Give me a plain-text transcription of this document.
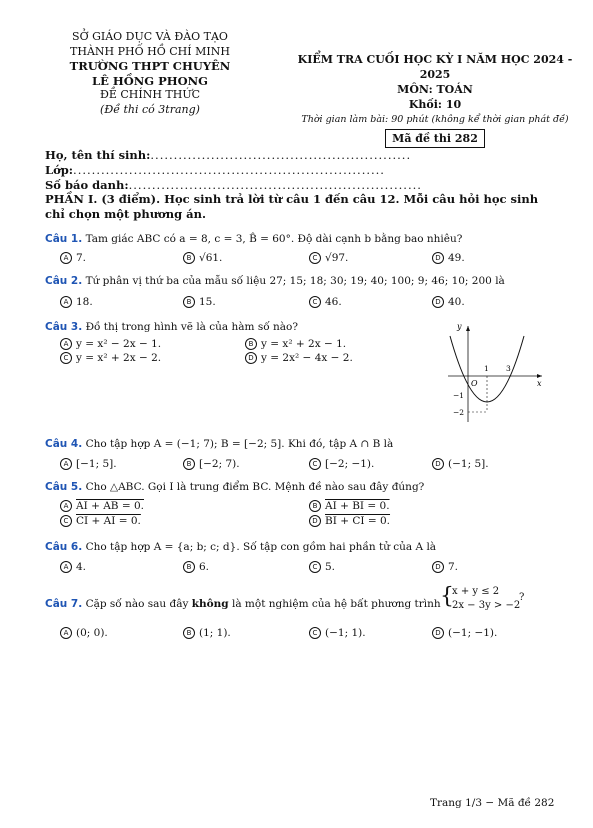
SỞ GIÁO DỤC VÀ ĐÀO TẠO
THÀNH PHỐ HỒ CHÍ MINH
TRƯỜNG THPT CHUYÊN
LÊ HỒNG PHONG
ĐỀ CHÍNH THỨC
(Đề thi có 3trang)
KIỂM TRA CUỐI HỌC KỲ I NĂM HỌC 2024 - 2025
MÔN: TOÁN
Khối: 10
Thời gian làm bài: 90 phút (không kể thời gian phát đề)
Mã đề thi 282
Họ, tên thí sinh:........................................................
Lớp:...................................................................
Số báo danh:...............................................................
PHẦN I. (3 điểm). Học sinh trả lời từ câu 1 đến câu 12. Mỗi câu hỏi học sinh chỉ chọn một phương án.
Câu 1. Tam giác ABC có a = 8, c = 3, B̂ = 60°. Độ dài cạnh b bằng bao nhiêu?
A 7.	B √61.	C √97.	D 49.
Câu 2. Tứ phân vị thứ ba của mẫu số liệu 27; 15; 18; 30; 19; 40; 100; 9; 46; 10; 200 là
A 18.	B 15.	C 46.	D 40.
Câu 3. Đồ thị trong hình vẽ là của hàm số nào?
A y = x² − 2x − 1.	B y = x² + 2x − 1.
C y = x² + 2x − 2.	D y = 2x² − 4x − 2.
y
x
O
1
−1
−2
3
Câu 4. Cho tập hợp A = (−1; 7); B = [−2; 5]. Khi đó, tập A ∩ B là
A [−1; 5].	B [−2; 7).	C [−2; −1).	D (−1; 5].
Câu 5. Cho △ABC. Gọi I là trung điểm BC. Mệnh đề nào sau đây đúng?
A AI + AB = 0.	B AI + BI = 0.
C CI + AI = 0.	D BI + CI = 0.
Câu 6. Cho tập hợp A = {a; b; c; d}. Số tập con gồm hai phần tử của A là
A 4.	B 6.	C 5.	D 7.
Câu 7. Cặp số nào sau đây không là một nghiệm của hệ bất phương trình {
x + y ≤ 2
2x − 3y > −2
?
A (0; 0).	B (1; 1).	C (−1; 1).	D (−1; −1).
Trang 1/3 − Mã đề 282
